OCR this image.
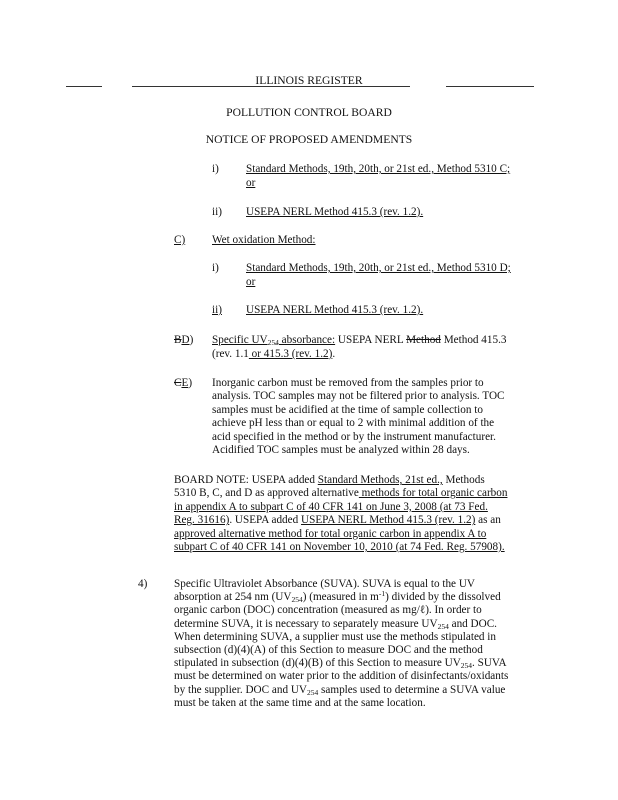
ILLINOIS REGISTER
POLLUTION CONTROL BOARD
NOTICE OF PROPOSED AMENDMENTS
i) Standard Methods, 19th, 20th, or 21st ed., Method 5310 C;
or
ii) USEPA NERL Method 415.3 (rev. 1.2).
C) Wet oxidation Method:
i) Standard Methods, 19th, 20th, or 21st ed., Method 5310 D;
or
ii) USEPA NERL Method 415.3 (rev. 1.2).
BD) Specific $UV_{254}$ absorbance: USEPA NERL Method Method 415.3
(rev. 1.1 or 415.3 (rev. 1.2).
CE) Inorganic carbon must be removed from the samples prior to
analysis. TOC samples may not be filtered prior to analysis. TOC
samples must be acidified at the time of sample collection to
achieve pH less than or equal to 2 with minimal addition of the
acid specified in the method or by the instrument manufacturer.
Acidified TOC samples must be analyzed within 28 days.
BOARD NOTE: USEPA added Standard Methods, 21st ed., Methods
5310 B, C, and D as approved alternative methods for total organic carbon
in appendix A to subpart C of 40 CFR 141 on June 3, 2008 (at 73 Fed.
Reg. 31616). USEPA added USEPA NERL Method 415.3 (rev. 1.2) as an
approved alternative method for total organic carbon in appendix A to
subpart C of 40 CFR 141 on November 10, 2010 (at 74 Fed. Reg. 57908).
4) Specific Ultraviolet Absorbance (SUVA). SUVA is equal to the UV
absorption at 254 nm $(UV_{254})$ (measured in $m^{-1}$) divided by the dissolved
organic carbon (DOC) concentration (measured as mg/ℓ). In order to
determine SUVA, it is necessary to separately measure $UV_{254}$ and DOC.
When determining SUVA, a supplier must use the methods stipulated in
subsection (d)(4)(A) of this Section to measure DOC and the method
stipulated in subsection (d)(4)(B) of this Section to measure $UV_{254}$. SUVA
must be determined on water prior to the addition of disinfectants/oxidants
by the supplier. DOC and $UV_{254}$ samples used to determine a SUVA value
must be taken at the same time and at the same location.
